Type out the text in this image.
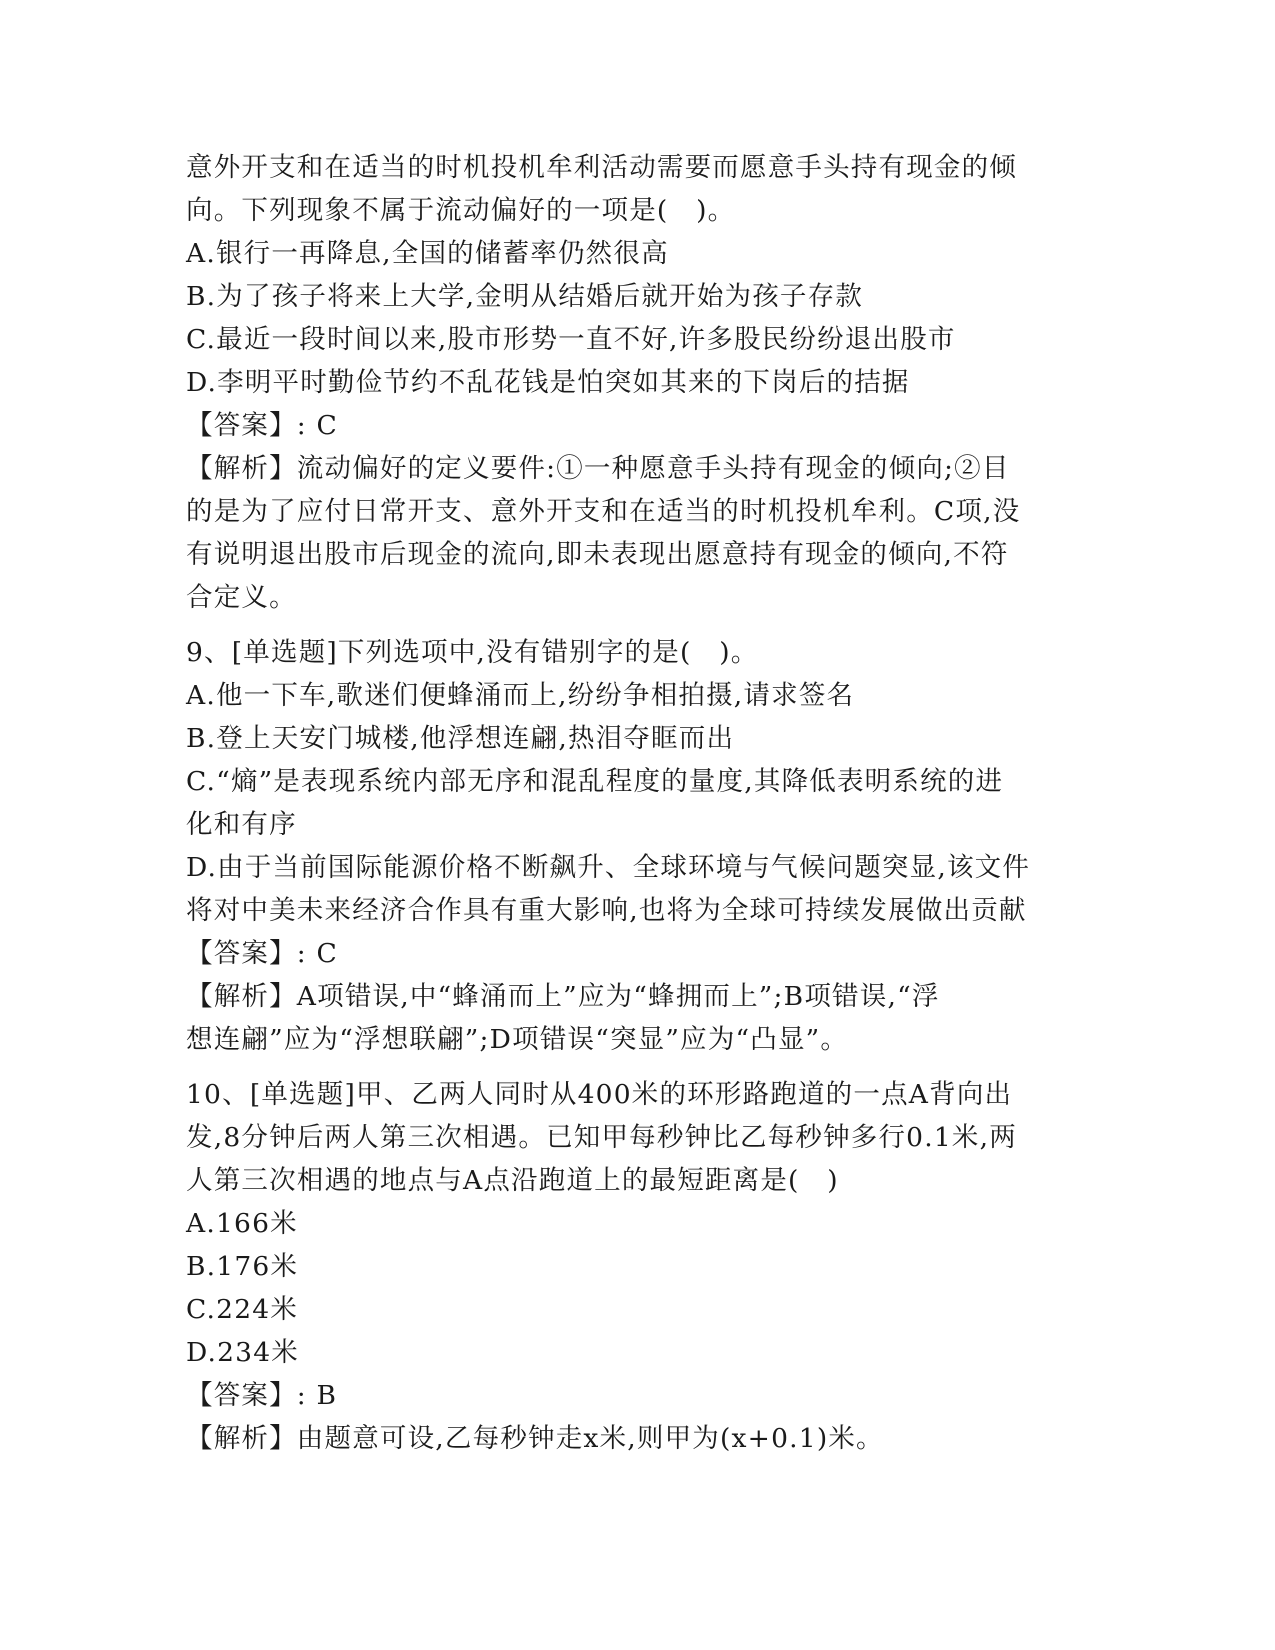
意外开支和在适当的时机投机牟利活动需要而愿意手头持有现金的倾
向。下列现象不属于流动偏好的一项是(　)。
A.银行一再降息,全国的储蓄率仍然很高
B.为了孩子将来上大学,金明从结婚后就开始为孩子存款
C.最近一段时间以来,股市形势一直不好,许多股民纷纷退出股市
D.李明平时勤俭节约不乱花钱是怕突如其来的下岗后的拮据
【答案】: C
【解析】流动偏好的定义要件:①一种愿意手头持有现金的倾向;②目
的是为了应付日常开支、意外开支和在适当的时机投机牟利。C项,没
有说明退出股市后现金的流向,即未表现出愿意持有现金的倾向,不符
合定义。
9、[单选题]下列选项中,没有错别字的是(　)。
A.他一下车,歌迷们便蜂涌而上,纷纷争相拍摄,请求签名
B.登上天安门城楼,他浮想连翩,热泪夺眶而出
C.“熵”是表现系统内部无序和混乱程度的量度,其降低表明系统的进
化和有序
D.由于当前国际能源价格不断飙升、全球环境与气候问题突显,该文件
将对中美未来经济合作具有重大影响,也将为全球可持续发展做出贡献
【答案】: C
【解析】A项错误,中“蜂涌而上”应为“蜂拥而上”;B项错误,“浮
想连翩”应为“浮想联翩”;D项错误“突显”应为“凸显”。
10、[单选题]甲、乙两人同时从400米的环形路跑道的一点A背向出
发,8分钟后两人第三次相遇。已知甲每秒钟比乙每秒钟多行0.1米,两
人第三次相遇的地点与A点沿跑道上的最短距离是(　)
A.166米
B.176米
C.224米
D.234米
【答案】: B
【解析】由题意可设,乙每秒钟走x米,则甲为(x+0.1)米。
